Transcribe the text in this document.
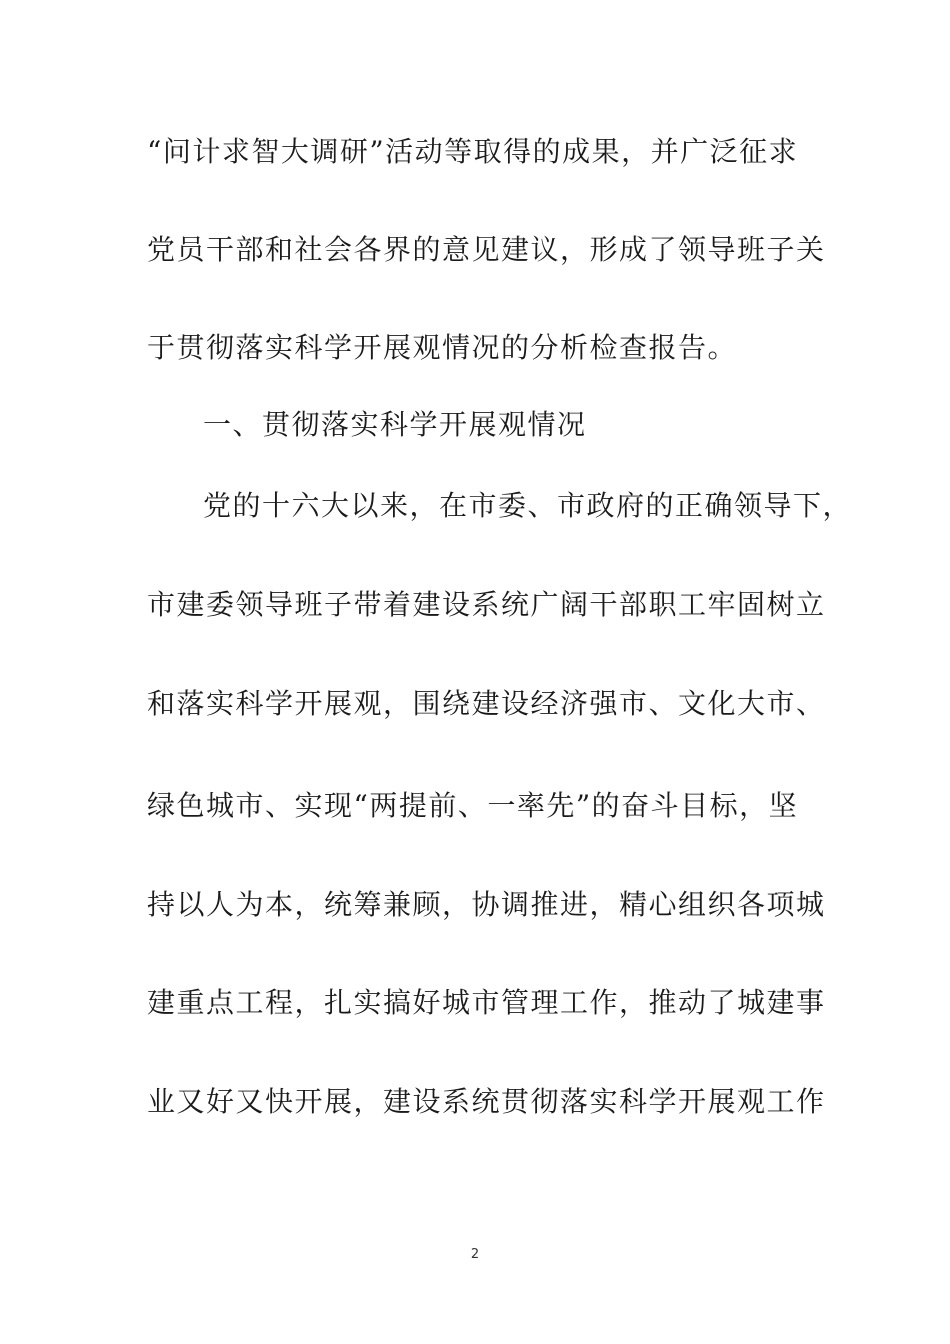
“问计求智大调研”活动等取得的成果，并广泛征求
党员干部和社会各界的意见建议，形成了领导班子关
于贯彻落实科学开展观情况的分析检查报告。
一、贯彻落实科学开展观情况
党的十六大以来，在市委、市政府的正确领导下，
市建委领导班子带着建设系统广阔干部职工牢固树立
和落实科学开展观，围绕建设经济强市、文化大市、
绿色城市、实现“两提前、一率先”的奋斗目标，坚
持以人为本，统筹兼顾，协调推进，精心组织各项城
建重点工程，扎实搞好城市管理工作，推动了城建事
业又好又快开展，建设系统贯彻落实科学开展观工作
2
